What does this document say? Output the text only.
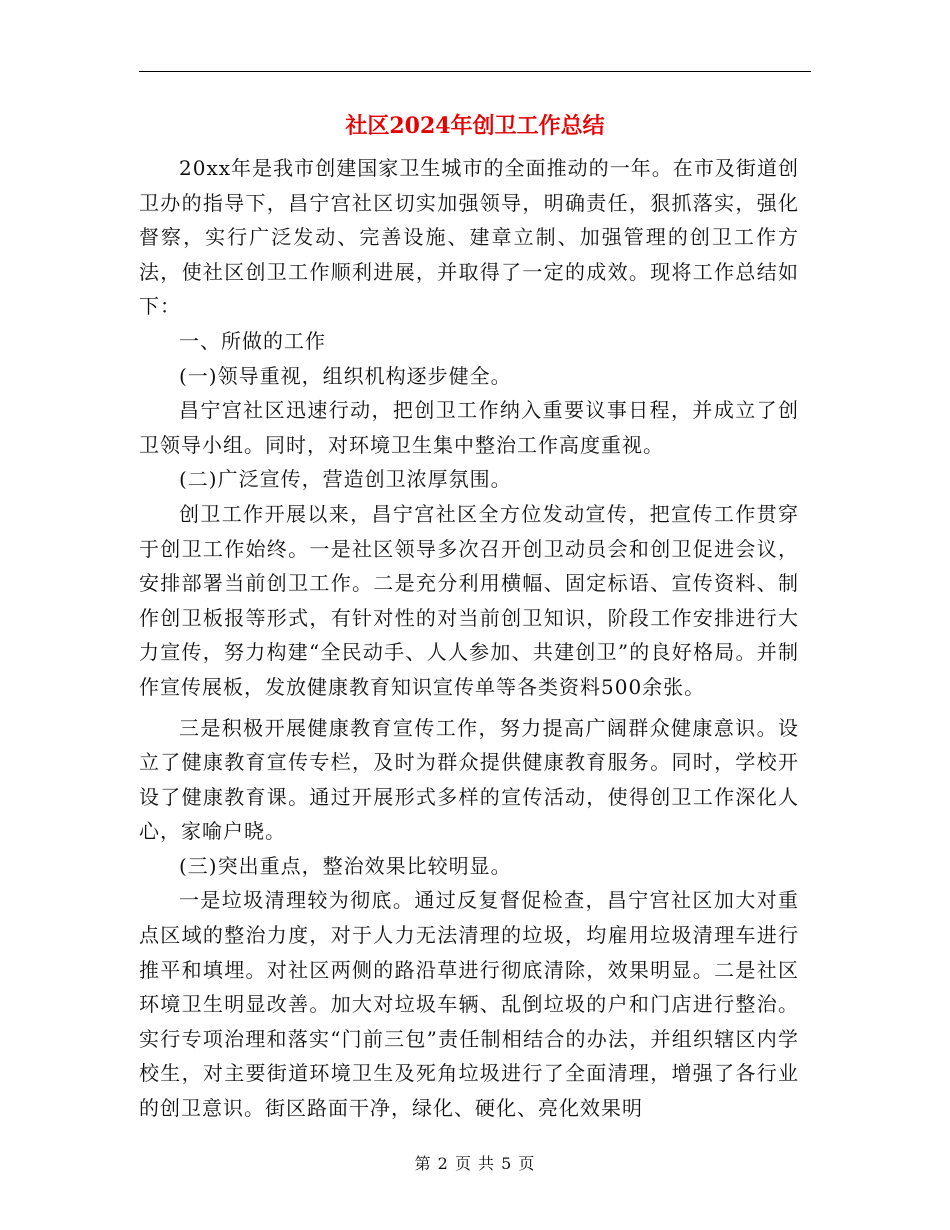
社区2024年创卫工作总结

20xx年是我市创建国家卫生城市的全面推动的一年。在市及街道创卫办的指导下，昌宁宫社区切实加强领导，明确责任，狠抓落实，强化督察，实行广泛发动、完善设施、建章立制、加强管理的创卫工作方法，使社区创卫工作顺利进展，并取得了一定的成效。现将工作总结如下：

一、所做的工作

(一)领导重视，组织机构逐步健全。

昌宁宫社区迅速行动，把创卫工作纳入重要议事日程，并成立了创卫领导小组。同时，对环境卫生集中整治工作高度重视。

(二)广泛宣传，营造创卫浓厚氛围。

创卫工作开展以来，昌宁宫社区全方位发动宣传，把宣传工作贯穿于创卫工作始终。一是社区领导多次召开创卫动员会和创卫促进会议，安排部署当前创卫工作。二是充分利用横幅、固定标语、宣传资料、制作创卫板报等形式，有针对性的对当前创卫知识，阶段工作安排进行大力宣传，努力构建“全民动手、人人参加、共建创卫”的良好格局。并制作宣传展板，发放健康教育知识宣传单等各类资料500余张。

三是积极开展健康教育宣传工作，努力提高广阔群众健康意识。设立了健康教育宣传专栏，及时为群众提供健康教育服务。同时，学校开设了健康教育课。通过开展形式多样的宣传活动，使得创卫工作深化人心，家喻户晓。

(三)突出重点，整治效果比较明显。

一是垃圾清理较为彻底。通过反复督促检查，昌宁宫社区加大对重点区域的整治力度，对于人力无法清理的垃圾，均雇用垃圾清理车进行推平和填埋。对社区两侧的路沿草进行彻底清除，效果明显。二是社区环境卫生明显改善。加大对垃圾车辆、乱倒垃圾的户和门店进行整治。实行专项治理和落实“门前三包”责任制相结合的办法，并组织辖区内学校生，对主要街道环境卫生及死角垃圾进行了全面清理，增强了各行业的创卫意识。街区路面干净，绿化、硬化、亮化效果明

第 2 页 共 5 页
